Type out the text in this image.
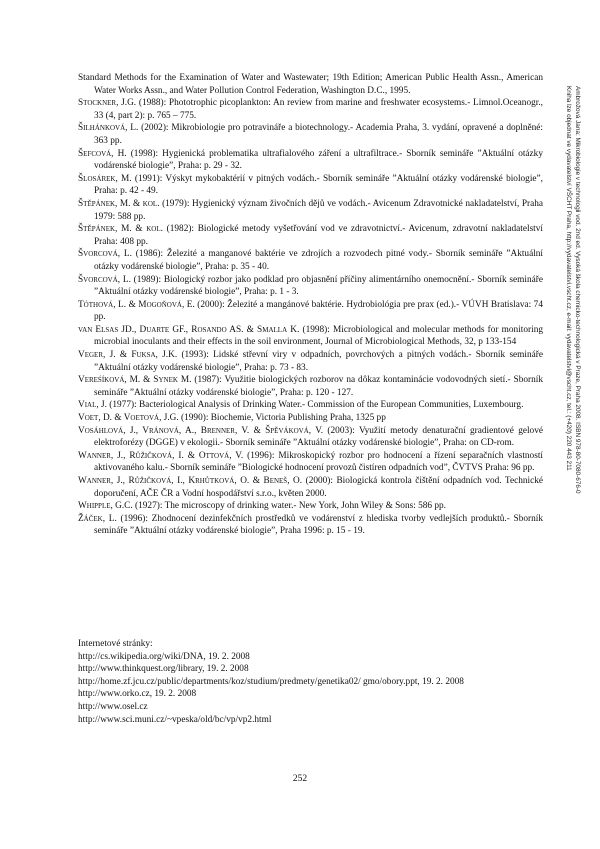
Standard Methods for the Examination of Water and Wastewater; 19th Edition; American Public Health Assn., American Water Works Assn., and Water Pollution Control Federation, Washington D.C., 1995.
Stockner, J.G. (1988): Phototrophic picoplankton: An review from marine and freshwater ecosystems.- Limnol.Oceanogr., 33 (4, part 2): p. 765 – 775.
Šilhánková, L. (2002): Mikrobiologie pro potravináře a biotechnology.- Academia Praha, 3. vydání, opravené a doplněné: 363 pp.
Šefcová, H. (1998): Hygienická problematika ultrafialového záření a ultrafiltrace.- Sborník semináře ”Aktuální otázky vodárenské biologie”, Praha: p. 29 - 32.
Šlosárek, M. (1991): Výskyt mykobaktérií v pitných vodách.- Sborník semináře ”Aktuální otázky vodárenské biologie”, Praha: p. 42 - 49.
Štěpánek, M. & kol. (1979): Hygienický význam živočních dějů ve vodách.- Avicenum Zdravotnické nakladatelství, Praha 1979: 588 pp.
Štěpánek, M. & kol. (1982): Biologické metody vyšetřování vod ve zdravotnictví.- Avicenum, zdravotní nakladatelství Praha: 408 pp.
Švorcová, L. (1986): Železité a manganové baktérie ve zdrojích a rozvodech pitné vody.- Sborník semináře ”Aktuální otázky vodárenské biologie”, Praha: p. 35 - 40.
Švorcová, L. (1989): Biologický rozbor jako podklad pro objasnění příčiny alimentárního onemocnění.- Sborník semináře ”Aktuální otázky vodárenské biologie”, Praha: p. 1 - 3.
Tóthová, L. & Mogoňová, E. (2000): Železité a mangánové baktérie. Hydrobiológia pre prax (ed.).- VÚVH Bratislava: 74 pp.
van Elsas JD., Duarte GF., Rosando AS. & Smalla K. (1998): Microbiological and molecular methods for monitoring microbial inoculants and their effects in the soil environment, Journal of Microbiological Methods, 32, p 133-154
Veger, J. & Fuksa, J.K. (1993): Lidské střevní viry v odpadních, povrchových a pitných vodách.- Sborník semináře ”Aktuální otázky vodárenské biologie”, Praha: p. 73 - 83.
Vereśíková, M. & Synek M. (1987): Využitie biologických rozborov na dôkaz kontaminácie vodovodných sietí.- Sborník semináře ”Aktuální otázky vodárenské biologie”, Praha: p. 120 - 127.
Vial, J. (1977): Bacteriological Analysis of Drinking Water.- Commission of the European Communities, Luxembourg.
Voet, D. & Voetová, J.G. (1990): Biochemie, Victoria Publishing Praha, 1325 pp
Vosáhlová, J., Vránová, A., Brenner, V. & Špěváková, V. (2003): Využití metody denaturační gradientové gelové elektroforézy (DGGE) v ekologii.- Sborník semináře ”Aktuální otázky vodárenské biologie”, Praha: on CD-rom.
Wanner, J., Růžičková, I. & Ottová, V. (1996): Mikroskopický rozbor pro hodnocení a řízení separačních vlastností aktivovaného kalu.- Sborník semináře ”Biologické hodnocení provozů čistíren odpadních vod”, ČVTVS Praha: 96 pp.
Wanner, J., Růžičková, I., Krhůtková, O. & Beneš, O. (2000): Biologická kontrola čištění odpadních vod. Technické doporučení, AČE ČR a Vodní hospodářství s.r.o., květen 2000.
Whipple, G.C. (1927): The microscopy of drinking water.- New York, John Wiley & Sons: 586 pp.
Žáček, L. (1996): Zhodnocení dezinfekčních prostředků ve vodárenství z hlediska tvorby vedlejších produktů.- Sborník semináře ”Aktuální otázky vodárenské biologie”, Praha 1996: p. 15 - 19.
Internetové stránky:
http://cs.wikipedia.org/wiki/DNA, 19. 2. 2008
http://www.thinkquest.org/library, 19. 2. 2008
http://home.zf.jcu.cz/public/departments/koz/studium/predmety/genetika02/ gmo/obory.ppt, 19. 2. 2008
http://www.orko.cz, 19. 2. 2008
http://www.osel.cz
http://www.sci.muni.cz/~vpeska/old/bc/vp/vp2.html
Ambrožová Jana: Mikrobiologie v technologii vod. 2nd ed. Vysoká škola chemicko-technologická v Praze, Praha 2008. ISBN 978-80-7080-676-0
Kniha lze objednat ve vydavatelství VŠCHT Praha, http://vydavatelstvi.vscht.cz, e-mail: vydavatelstvi@vscht.cz, tel.: (+420) 220 443 211
252
